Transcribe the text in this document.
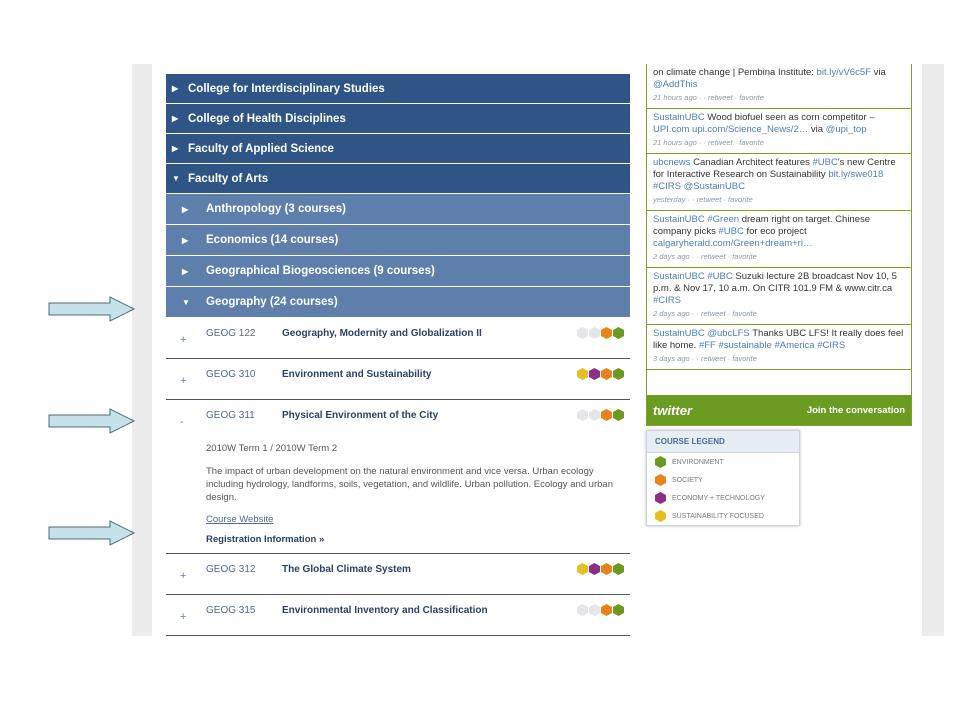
▶ College for Interdisciplinary Studies
▶ College of Health Disciplines
▶ Faculty of Applied Science
▼ Faculty of Arts
▶	Anthropology (3 courses)
▶	Economics (14 courses)
▶	Geographical Biogeosciences (9 courses)
▼ Geography (24 courses)
+
GEOG 122	Geography, Modernity and Globalization II
+
GEOG 310	Environment and Sustainability
-
GEOG 311	Physical Environment of the City

2010W Term 1 / 2010W Term 2

The impact of urban development on the natural environment and vice versa. Urban ecology including hydrology, landforms, soils, vegetation, and wildlife. Urban pollution. Ecology and urban design.

Course Website
Registration Information »
+
GEOG 312	The Global Climate System
+
GEOG 315	Environmental Inventory and Classification
on climate change | Pembina Institute: bit.ly/vV6c5F via @AddThis
21 hours ago · · retweet · favorite
SustainUBC Wood biofuel seen as corn competitor – UPI.com upi.com/Science_News/2… via @upi_top
21 hours ago · · retweet · favorite
ubcnews Canadian Architect features #UBC's new Centre for Interactive Research on Sustainability bit.ly/swe018 #CIRS @SustainUBC
yesterday · · retweet · favorite
SustainUBC #Green dream right on target. Chinese company picks #UBC for eco project calgaryherald.com/Green+dream+ri…
2 days ago · · retweet · favorite
SustainUBC #UBC Suzuki lecture 2B broadcast Nov 10, 5 p.m. & Nov 17, 10 a.m. On CITR 101.9 FM & www.citr.ca #CIRS
2 days ago · · retweet · favorite
SustainUBC @ubcLFS Thanks UBC LFS! It really does feel like home. #FF #sustainable #America #CIRS
3 days ago · · retweet · favorite
twitter	Join the conversation
COURSE LEGEND
ENVIRONMENT
SOCIETY
ECONOMY + TECHNOLOGY
SUSTAINABILITY FOCUSED
